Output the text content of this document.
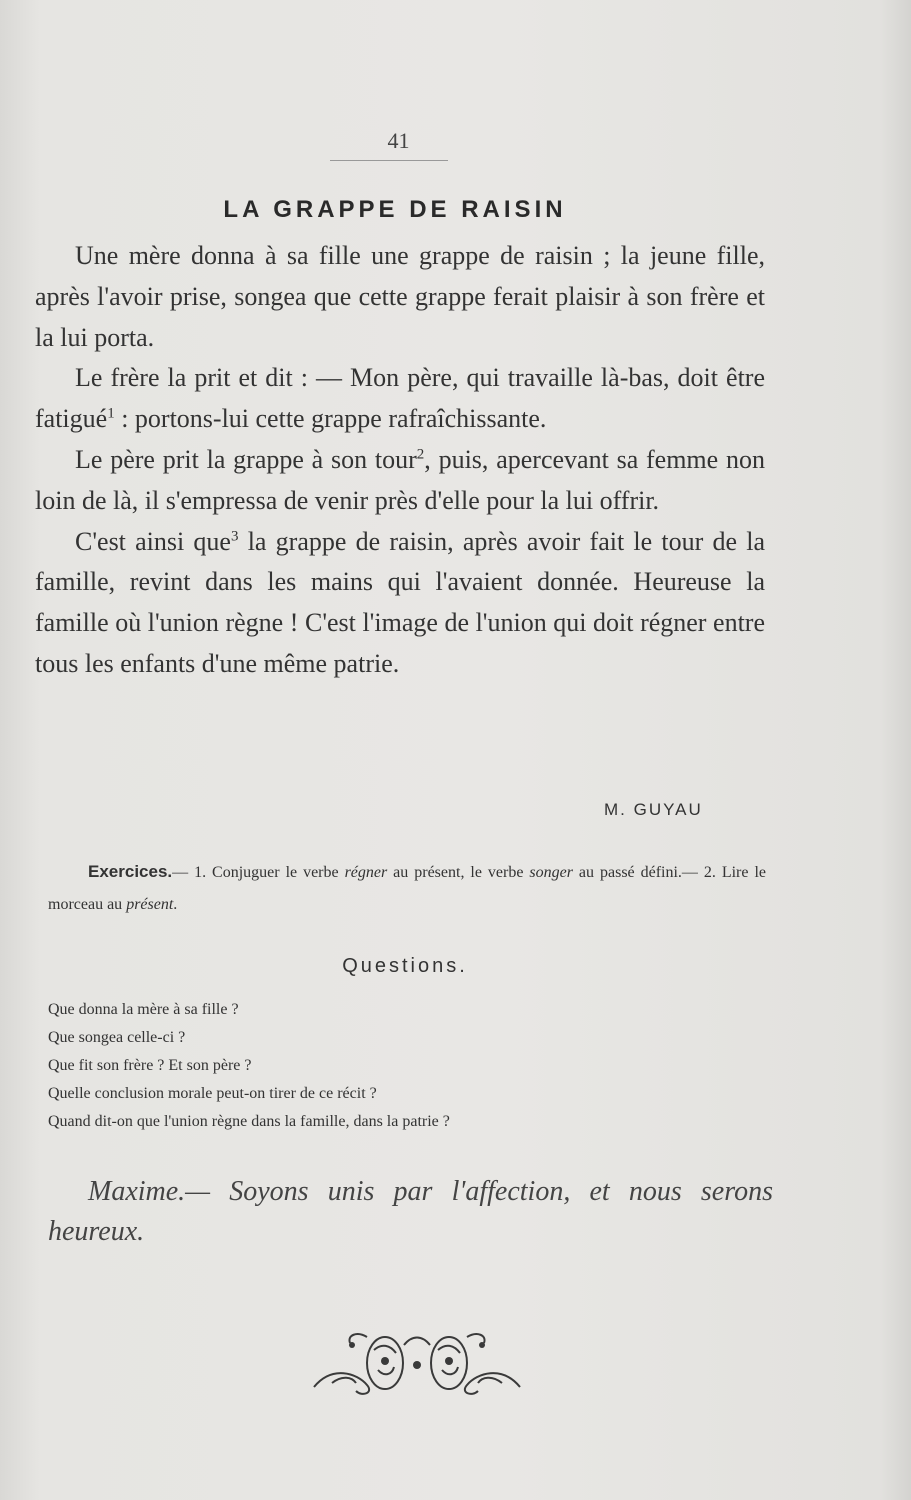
41
LA GRAPPE DE RAISIN

Une mère donna à sa fille une grappe de raisin ; la jeune fille, après l'avoir prise, songea que cette grappe ferait plaisir à son frère et la lui porta.

Le frère la prit et dit : — Mon père, qui travaille là-bas, doit être fatigué$^1$ : portons-lui cette grappe rafraîchissante.

Le père prit la grappe à son tour$^2$, puis, apercevant sa femme non loin de là, il s'empressa de venir près d'elle pour la lui offrir.

C'est ainsi que$^3$ la grappe de raisin, après avoir fait le tour de la famille, revint dans les mains qui l'avaient donnée. Heureuse la famille où l'union règne ! C'est l'image de l'union qui doit régner entre tous les enfants d'une même patrie.

M. GUYAU
Exercices.— 1. Conjuguer le verbe régner au présent, le verbe songer au passé défini.— 2. Lire le morceau au présent.
Questions.
Que donna la mère à sa fille ?
Que songea celle-ci ?
Que fit son frère ? Et son père ?
Quelle conclusion morale peut-on tirer de ce récit ?
Quand dit-on que l'union règne dans la famille, dans la patrie ?
Maxime.— Soyons unis par l'affection, et nous serons heureux.
